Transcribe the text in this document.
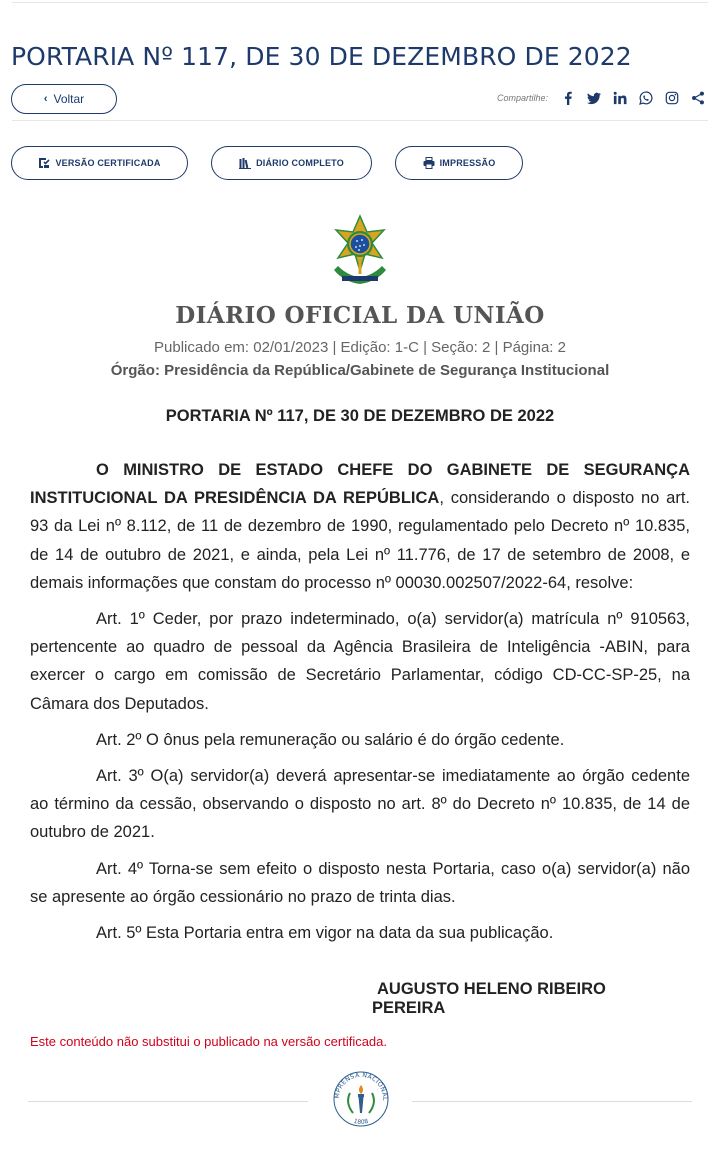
PORTARIA Nº 117, DE 30 DE DEZEMBRO DE 2022
‹ Voltar	Compartilhe:
VERSÃO CERTIFICADA	DIÁRIO COMPLETO	IMPRESSÃO
DIÁRIO OFICIAL DA UNIÃO
Publicado em: 02/01/2023 | Edição: 1-C | Seção: 2 | Página: 2
Órgão: Presidência da República/Gabinete de Segurança Institucional
PORTARIA Nº 117, DE 30 DE DEZEMBRO DE 2022

O MINISTRO DE ESTADO CHEFE DO GABINETE DE SEGURANÇA INSTITUCIONAL DA PRESIDÊNCIA DA REPÚBLICA, considerando o disposto no art. 93 da Lei nº 8.112, de 11 de dezembro de 1990, regulamentado pelo Decreto nº 10.835, de 14 de outubro de 2021, e ainda, pela Lei nº 11.776, de 17 de setembro de 2008, e demais informações que constam do processo nº 00030.002507/2022-64, resolve:

Art. 1º Ceder, por prazo indeterminado, o(a) servidor(a) matrícula nº 910563, pertencente ao quadro de pessoal da Agência Brasileira de Inteligência -ABIN, para exercer o cargo em comissão de Secretário Parlamentar, código CD-CC-SP-25, na Câmara dos Deputados.

Art. 2º O ônus pela remuneração ou salário é do órgão cedente.

Art. 3º O(a) servidor(a) deverá apresentar-se imediatamente ao órgão cedente ao término da cessão, observando o disposto no art. 8º do Decreto nº 10.835, de 14 de outubro de 2021.

Art. 4º Torna-se sem efeito o disposto nesta Portaria, caso o(a) servidor(a) não se apresente ao órgão cessionário no prazo de trinta dias.

Art. 5º Esta Portaria entra em vigor na data da sua publicação.

AUGUSTO HELENO RIBEIRO
PEREIRA
Este conteúdo não substitui o publicado na versão certificada.
MPRENSA NACIONAL
1808
